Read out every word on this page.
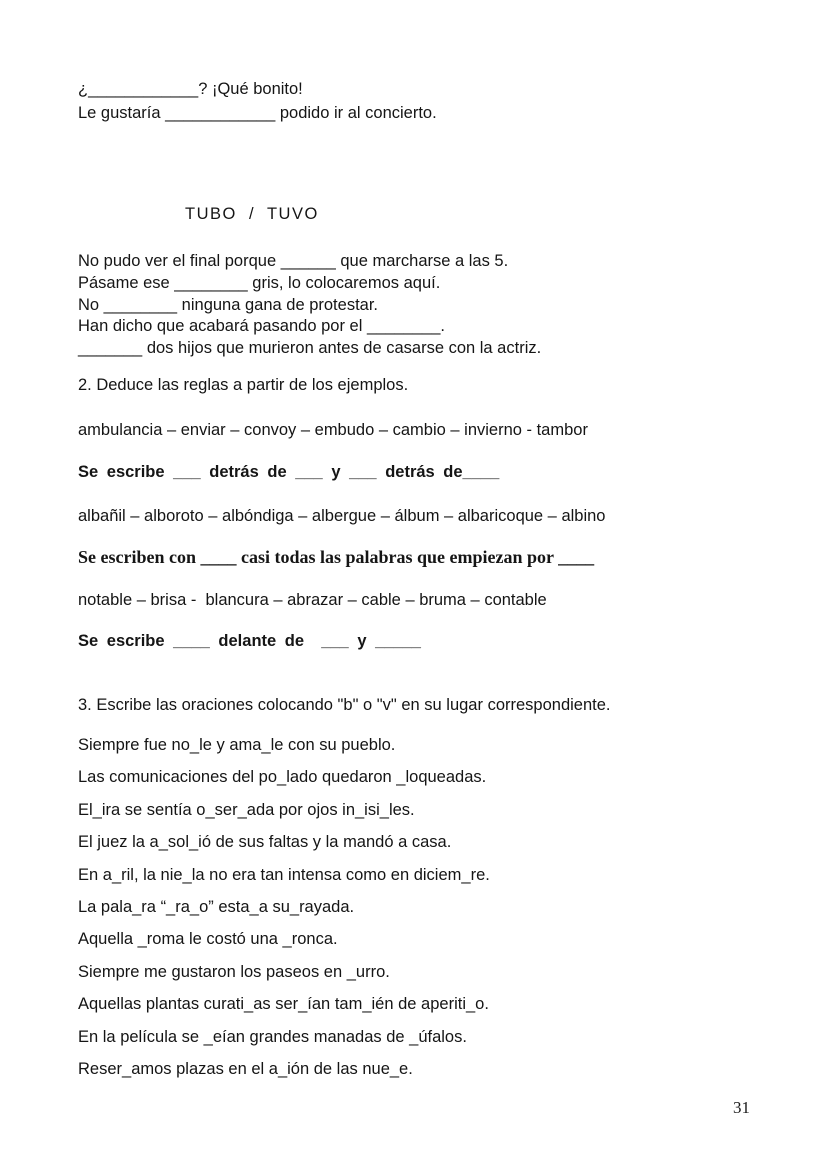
¿____________? ¡Qué bonito!
Le gustaría ____________ podido ir al concierto.
TUBO  /  TUVO
No pudo ver el final porque ______ que marcharse a las 5.
Pásame ese ________ gris, lo colocaremos aquí.
No ________ ninguna gana de protestar.
Han dicho que acabará pasando por el ________.
_______ dos hijos que murieron antes de casarse con la actriz.
2. Deduce las reglas a partir de los ejemplos.
ambulancia – enviar – convoy – embudo – cambio – invierno - tambor
Se escribe ___ detrás de ___ y ___ detrás de____
albañil – alboroto – albóndiga – albergue – álbum – albaricoque – albino
Se escriben con ____ casi todas las palabras que empiezan por ____
notable – brisa -  blancura – abrazar – cable – bruma – contable
Se escribe ____ delante de  ___ y _____
3. Escribe las oraciones colocando "b" o "v" en su lugar correspondiente.
Siempre fue no_le y ama_le con su pueblo.
Las comunicaciones del po_lado quedaron _loqueadas.
El_ira se sentía o_ser_ada por ojos in_isi_les.
El juez la a_sol_ió de sus faltas y la mandó a casa.
En a_ril, la nie_la no era tan intensa como en diciem_re.
La pala_ra “_ra_o” esta_a su_rayada.
Aquella _roma le costó una _ronca.
Siempre me gustaron los paseos en _urro.
Aquellas plantas curati_as ser_ían tam_ién de aperiti_o.
En la película se _eían grandes manadas de _úfalos.
Reser_amos plazas en el a_ión de las nue_e.
31
